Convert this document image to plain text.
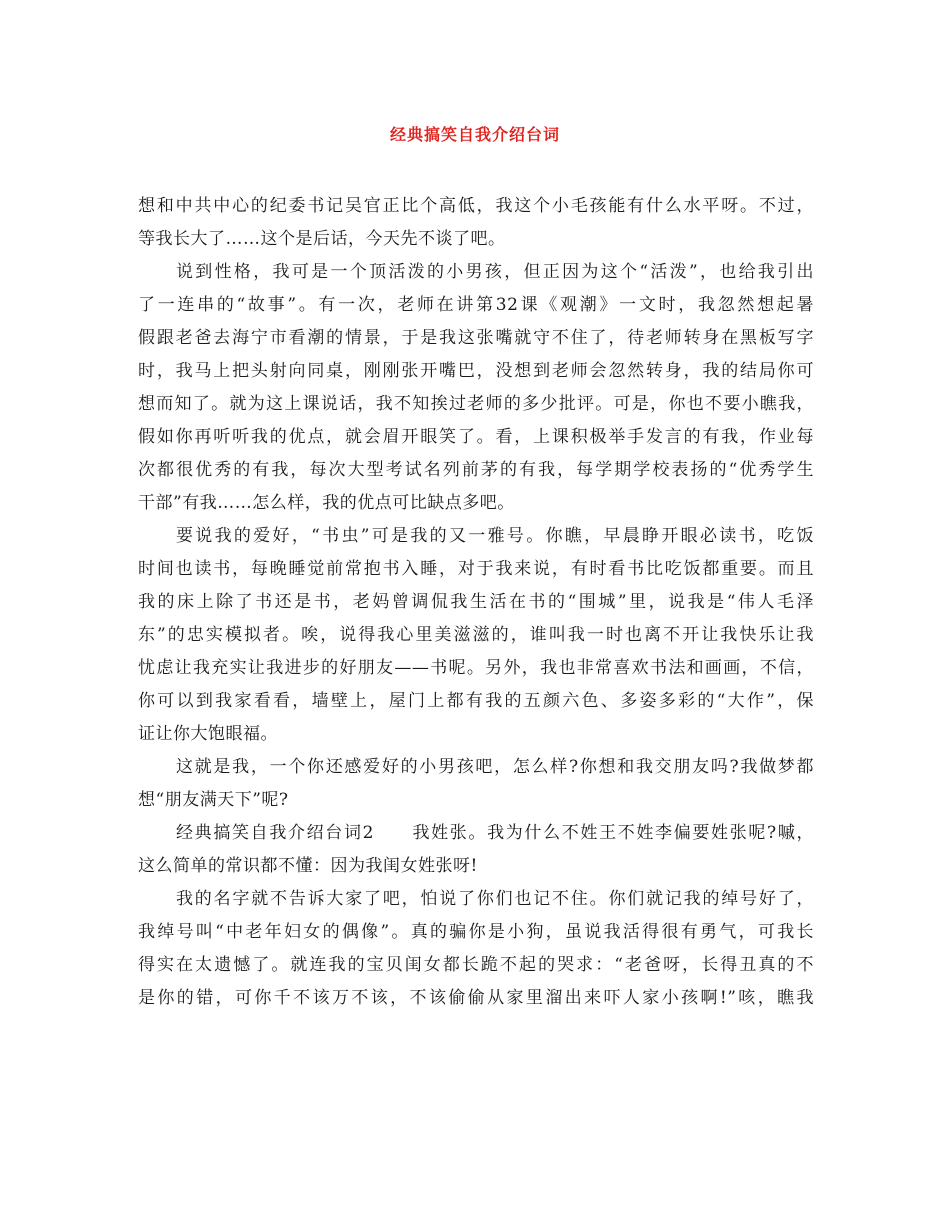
经典搞笑自我介绍台词
想和中共中心的纪委书记吴官正比个高低，我这个小毛孩能有什么水平呀。不过，
等我长大了……这个是后话，今天先不谈了吧。
说到性格，我可是一个顶活泼的小男孩，但正因为这个“活泼”，也给我引出
了一连串的“故事”。有一次，老师在讲第32课《观潮》一文时，我忽然想起暑
假跟老爸去海宁市看潮的情景，于是我这张嘴就守不住了，待老师转身在黑板写字
时，我马上把头射向同桌，刚刚张开嘴巴，没想到老师会忽然转身，我的结局你可
想而知了。就为这上课说话，我不知挨过老师的多少批评。可是，你也不要小瞧我，
假如你再听听我的优点，就会眉开眼笑了。看，上课积极举手发言的有我，作业每
次都很优秀的有我，每次大型考试名列前茅的有我，每学期学校表扬的“优秀学生
干部”有我……怎么样，我的优点可比缺点多吧。
要说我的爱好，“书虫”可是我的又一雅号。你瞧，早晨睁开眼必读书，吃饭
时间也读书，每晚睡觉前常抱书入睡，对于我来说，有时看书比吃饭都重要。而且
我的床上除了书还是书，老妈曾调侃我生活在书的“围城”里，说我是“伟人毛泽
东”的忠实模拟者。唉，说得我心里美滋滋的，谁叫我一时也离不开让我快乐让我
忧虑让我充实让我进步的好朋友——书呢。另外，我也非常喜欢书法和画画，不信，
你可以到我家看看，墙壁上，屋门上都有我的五颜六色、多姿多彩的“大作”，保
证让你大饱眼福。
这就是我，一个你还感爱好的小男孩吧，怎么样?你想和我交朋友吗?我做梦都
想“朋友满天下”呢?
经典搞笑自我介绍台词2　　我姓张。我为什么不姓王不姓李偏要姓张呢?嘁，
这么简单的常识都不懂：因为我闺女姓张呀!
我的名字就不告诉大家了吧，怕说了你们也记不住。你们就记我的绰号好了，
我绰号叫“中老年妇女的偶像”。真的骗你是小狗，虽说我活得很有勇气，可我长
得实在太遗憾了。就连我的宝贝闺女都长跪不起的哭求：“老爸呀，长得丑真的不
是你的错，可你千不该万不该，不该偷偷从家里溜出来吓人家小孩啊!”咳，瞧我
